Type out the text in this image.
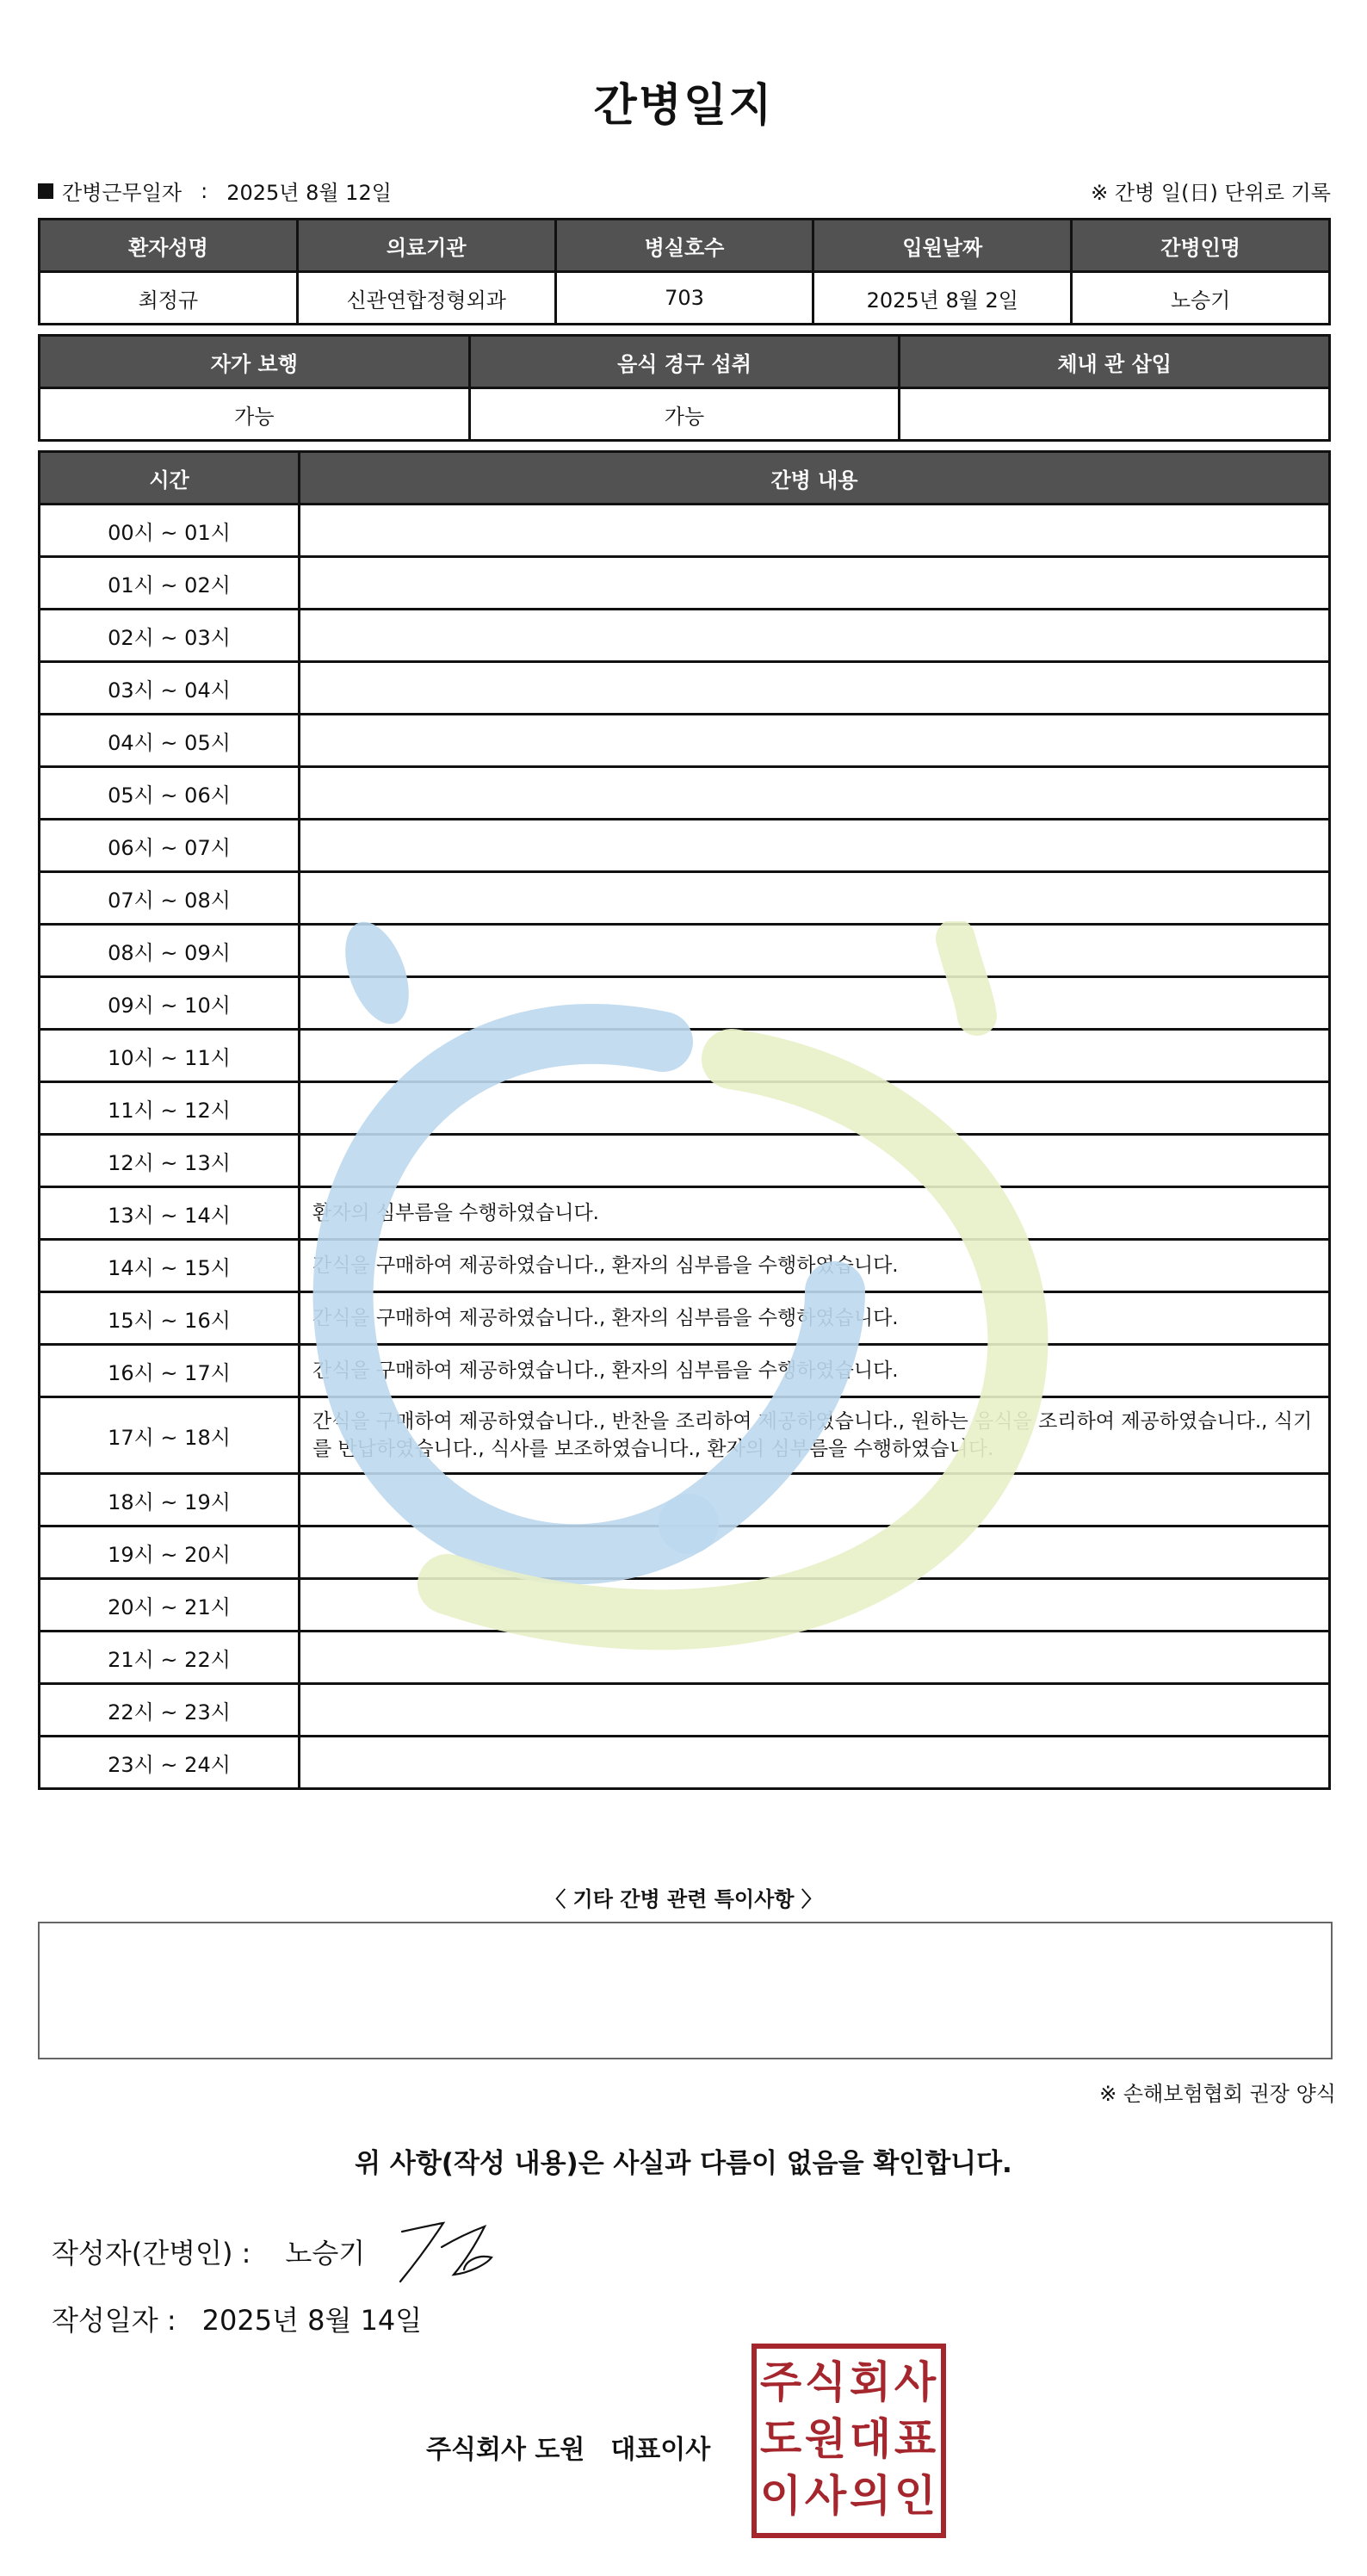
간병일지
간병근무일자 : 2025년 8월 12일	※ 간병 일(日) 단위로 기록
환자성명	의료기관	병실호수	입원날짜	간병인명
최정규	신관연합정형외과	703	2025년 8월 2일	노승기
자가 보행	음식 경구 섭취	체내 관 삽입
가능	가능	
시간	간병 내용
00시 ~ 01시	
01시 ~ 02시	
02시 ~ 03시	
03시 ~ 04시	
04시 ~ 05시	
05시 ~ 06시	
06시 ~ 07시	
07시 ~ 08시	
08시 ~ 09시	
09시 ~ 10시	
10시 ~ 11시	
11시 ~ 12시	
12시 ~ 13시	
13시 ~ 14시	환자의 심부름을 수행하였습니다.
14시 ~ 15시	간식을 구매하여 제공하였습니다., 환자의 심부름을 수행하였습니다.
15시 ~ 16시	간식을 구매하여 제공하였습니다., 환자의 심부름을 수행하였습니다.
16시 ~ 17시	간식을 구매하여 제공하였습니다., 환자의 심부름을 수행하였습니다.
17시 ~ 18시	간식을 구매하여 제공하였습니다., 반찬을 조리하여 제공하였습니다., 원하는 음식을 조리하여 제공하였습니다., 식기를 반납하였습니다., 식사를 보조하였습니다., 환자의 심부름을 수행하였습니다.
18시 ~ 19시	
19시 ~ 20시	
20시 ~ 21시	
21시 ~ 22시	
22시 ~ 23시	
23시 ~ 24시	
〈 기타 간병 관련 특이사항 〉
※ 손해보험협회 권장 양식
위 사항(작성 내용)은 사실과 다름이 없음을 확인합니다.
작성자(간병인) : 노승기
작성일자 : 2025년 8월 14일
주식회사 도원 대표이사
주 식 회 사
도 원 대 표
이 사 의 인
